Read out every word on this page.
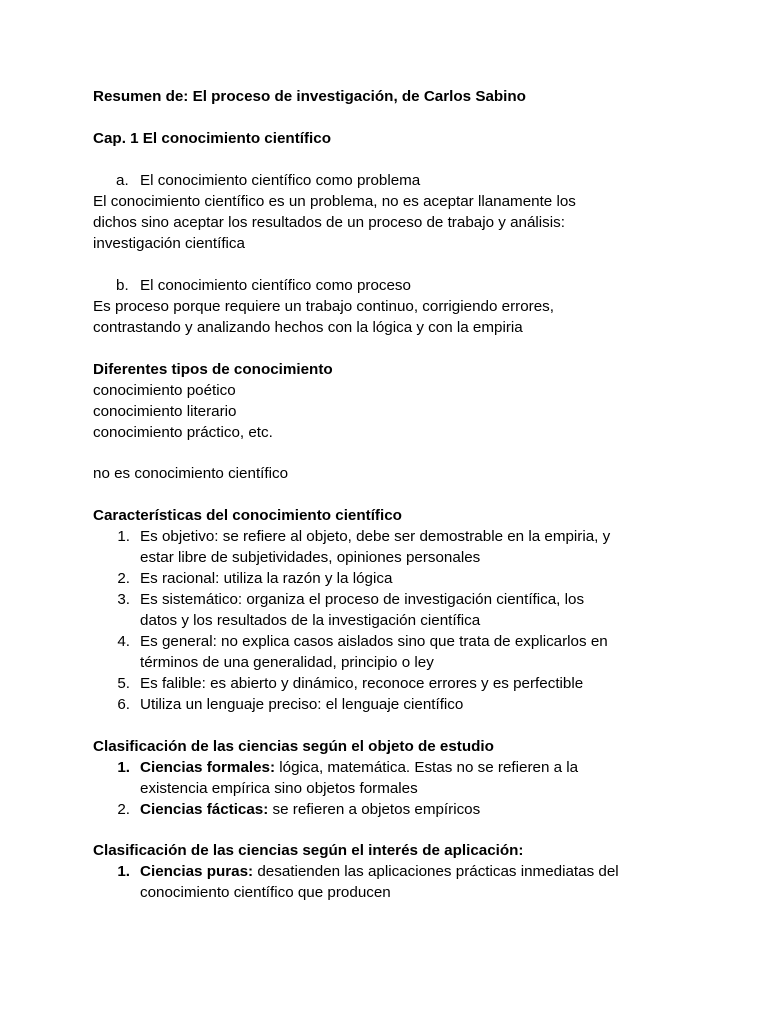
Resumen de: El proceso de investigación, de Carlos Sabino
Cap. 1 El conocimiento científico
a. El conocimiento científico como problema
El conocimiento científico es un problema, no es aceptar llanamente los
dichos sino aceptar los resultados de un proceso de trabajo y análisis:
investigación científica
b. El conocimiento científico como proceso
Es proceso porque requiere un trabajo continuo, corrigiendo errores,
contrastando y analizando hechos con la lógica y con la empiria
Diferentes tipos de conocimiento
conocimiento poético
conocimiento literario
conocimiento práctico, etc.
no es conocimiento científico
Características del conocimiento científico
1. Es objetivo: se refiere al objeto, debe ser demostrable en la empiria, y
estar libre de subjetividades, opiniones personales
2. Es racional: utiliza la razón y la lógica
3. Es sistemático: organiza el proceso de investigación científica, los
datos y los resultados de la investigación científica
4. Es general: no explica casos aislados sino que trata de explicarlos en
términos de una generalidad, principio o ley
5. Es falible: es abierto y dinámico, reconoce errores y es perfectible
6. Utiliza un lenguaje preciso: el lenguaje científico
Clasificación de las ciencias según el objeto de estudio
1. Ciencias formales: lógica, matemática. Estas no se refieren a la
existencia empírica sino objetos formales
2. Ciencias fácticas: se refieren a objetos empíricos
Clasificación de las ciencias según el interés de aplicación:
1. Ciencias puras: desatienden las aplicaciones prácticas inmediatas del
conocimiento científico que producen
